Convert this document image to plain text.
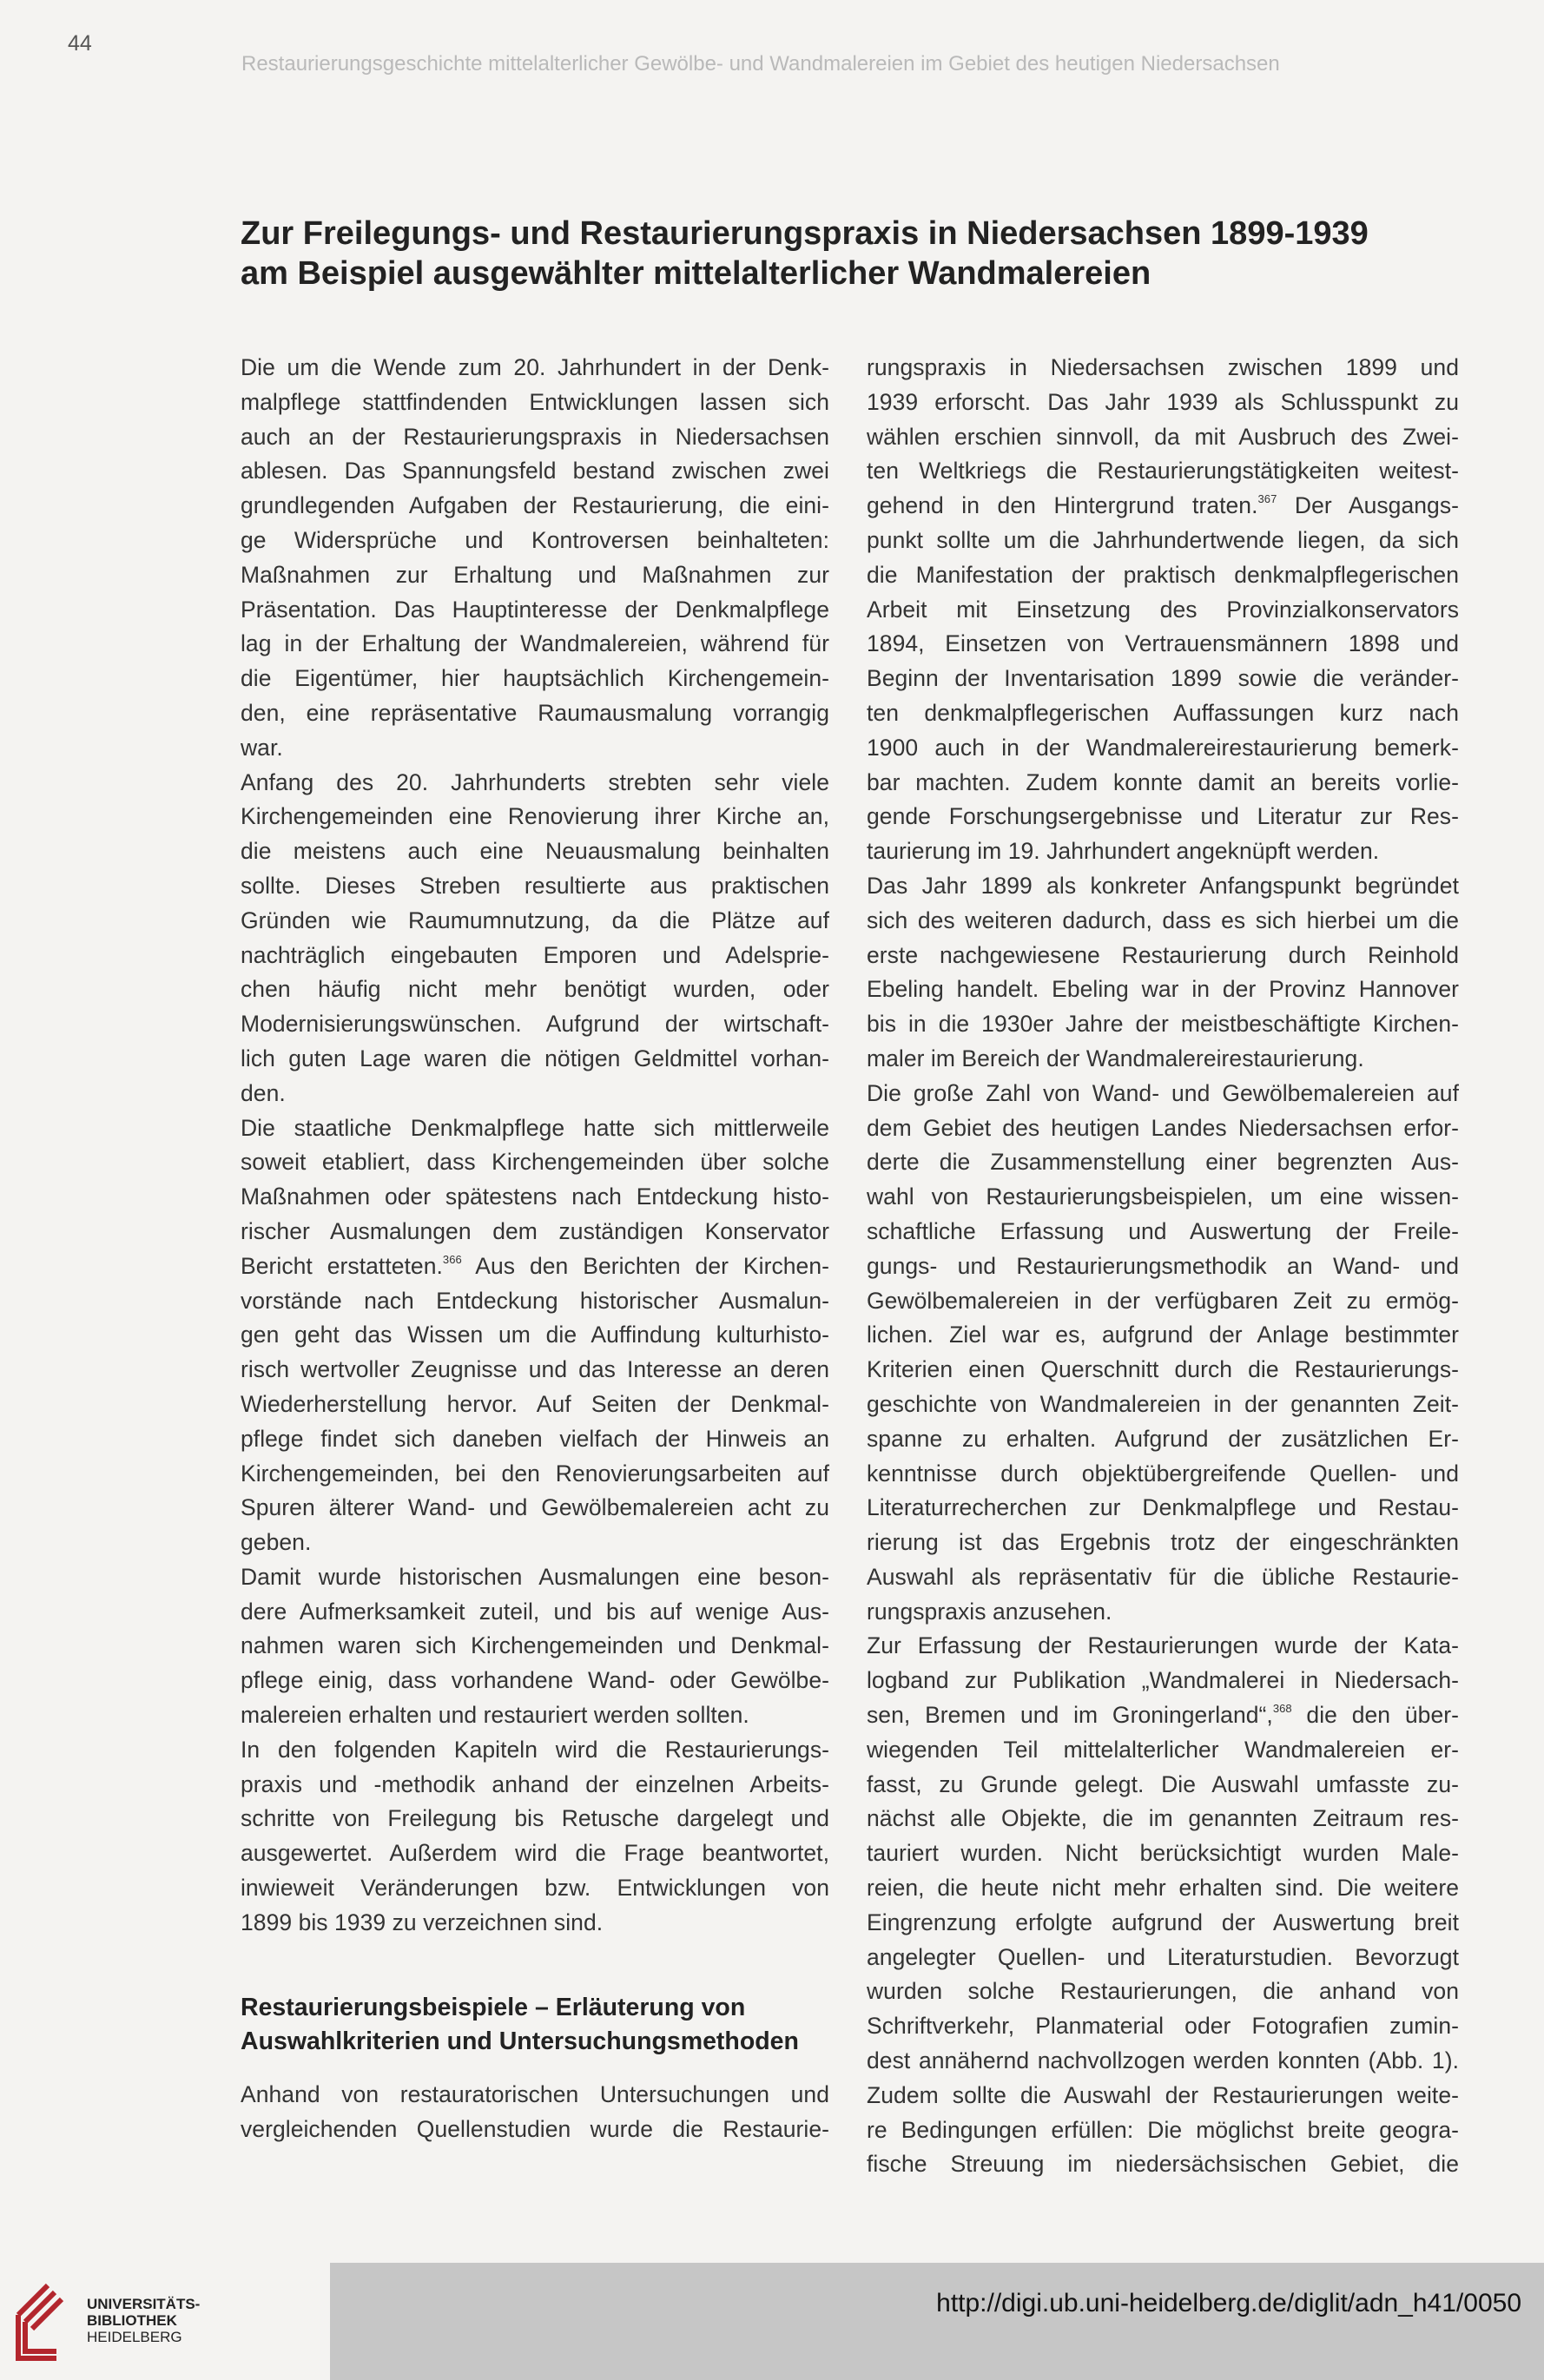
44
Restaurierungsgeschichte mittelalterlicher Gewölbe- und Wandmalereien im Gebiet des heutigen Niedersachsen
Zur Freilegungs- und Restaurierungspraxis in Niedersachsen 1899-1939
am Beispiel ausgewählter mittelalterlicher Wandmalereien
Die um die Wende zum 20. Jahrhundert in der Denk-
malpflege stattfindenden Entwicklungen lassen sich
auch an der Restaurierungspraxis in Niedersachsen
ablesen. Das Spannungsfeld bestand zwischen zwei
grundlegenden Aufgaben der Restaurierung, die eini-
ge Widersprüche und Kontroversen beinhalteten:
Maßnahmen zur Erhaltung und Maßnahmen zur
Präsentation. Das Hauptinteresse der Denkmalpflege
lag in der Erhaltung der Wandmalereien, während für
die Eigentümer, hier hauptsächlich Kirchengemein-
den, eine repräsentative Raumausmalung vorrangig
war.
Anfang des 20. Jahrhunderts strebten sehr viele
Kirchengemeinden eine Renovierung ihrer Kirche an,
die meistens auch eine Neuausmalung beinhalten
sollte. Dieses Streben resultierte aus praktischen
Gründen wie Raumumnutzung, da die Plätze auf
nachträglich eingebauten Emporen und Adelsprie-
chen häufig nicht mehr benötigt wurden, oder
Modernisierungswünschen. Aufgrund der wirtschaft-
lich guten Lage waren die nötigen Geldmittel vorhan-
den.
Die staatliche Denkmalpflege hatte sich mittlerweile
soweit etabliert, dass Kirchengemeinden über solche
Maßnahmen oder spätestens nach Entdeckung histo-
rischer Ausmalungen dem zuständigen Konservator
Bericht erstatteten.$^{366}$ Aus den Berichten der Kirchen-
vorstände nach Entdeckung historischer Ausmalun-
gen geht das Wissen um die Auffindung kulturhisto-
risch wertvoller Zeugnisse und das Interesse an deren
Wiederherstellung hervor. Auf Seiten der Denkmal-
pflege findet sich daneben vielfach der Hinweis an
Kirchengemeinden, bei den Renovierungsarbeiten auf
Spuren älterer Wand- und Gewölbemalereien acht zu
geben.
Damit wurde historischen Ausmalungen eine beson-
dere Aufmerksamkeit zuteil, und bis auf wenige Aus-
nahmen waren sich Kirchengemeinden und Denkmal-
pflege einig, dass vorhandene Wand- oder Gewölbe-
malereien erhalten und restauriert werden sollten.
In den folgenden Kapiteln wird die Restaurierungs-
praxis und -methodik anhand der einzelnen Arbeits-
schritte von Freilegung bis Retusche dargelegt und
ausgewertet. Außerdem wird die Frage beantwortet,
inwieweit Veränderungen bzw. Entwicklungen von
1899 bis 1939 zu verzeichnen sind.
Restaurierungsbeispiele – Erläuterung von
Auswahlkriterien und Untersuchungsmethoden
Anhand von restauratorischen Untersuchungen und
vergleichenden Quellenstudien wurde die Restaurie-
rungspraxis in Niedersachsen zwischen 1899 und
1939 erforscht. Das Jahr 1939 als Schlusspunkt zu
wählen erschien sinnvoll, da mit Ausbruch des Zwei-
ten Weltkriegs die Restaurierungstätigkeiten weitest-
gehend in den Hintergrund traten.$^{367}$ Der Ausgangs-
punkt sollte um die Jahrhundertwende liegen, da sich
die Manifestation der praktisch denkmalpflegerischen
Arbeit mit Einsetzung des Provinzialkonservators
1894, Einsetzen von Vertrauensmännern 1898 und
Beginn der Inventarisation 1899 sowie die veränder-
ten denkmalpflegerischen Auffassungen kurz nach
1900 auch in der Wandmalereirestaurierung bemerk-
bar machten. Zudem konnte damit an bereits vorlie-
gende Forschungsergebnisse und Literatur zur Res-
taurierung im 19. Jahrhundert angeknüpft werden.
Das Jahr 1899 als konkreter Anfangspunkt begründet
sich des weiteren dadurch, dass es sich hierbei um die
erste nachgewiesene Restaurierung durch Reinhold
Ebeling handelt. Ebeling war in der Provinz Hannover
bis in die 1930er Jahre der meistbeschäftigte Kirchen-
maler im Bereich der Wandmalereirestaurierung.
Die große Zahl von Wand- und Gewölbemalereien auf
dem Gebiet des heutigen Landes Niedersachsen erfor-
derte die Zusammenstellung einer begrenzten Aus-
wahl von Restaurierungsbeispielen, um eine wissen-
schaftliche Erfassung und Auswertung der Freile-
gungs- und Restaurierungsmethodik an Wand- und
Gewölbemalereien in der verfügbaren Zeit zu ermög-
lichen. Ziel war es, aufgrund der Anlage bestimmter
Kriterien einen Querschnitt durch die Restaurierungs-
geschichte von Wandmalereien in der genannten Zeit-
spanne zu erhalten. Aufgrund der zusätzlichen Er-
kenntnisse durch objektübergreifende Quellen- und
Literaturrecherchen zur Denkmalpflege und Restau-
rierung ist das Ergebnis trotz der eingeschränkten
Auswahl als repräsentativ für die übliche Restaurie-
rungspraxis anzusehen.
Zur Erfassung der Restaurierungen wurde der Kata-
logband zur Publikation „Wandmalerei in Niedersach-
sen, Bremen und im Groningerland“,$^{368}$ die den über-
wiegenden Teil mittelalterlicher Wandmalereien er-
fasst, zu Grunde gelegt. Die Auswahl umfasste zu-
nächst alle Objekte, die im genannten Zeitraum res-
tauriert wurden. Nicht berücksichtigt wurden Male-
reien, die heute nicht mehr erhalten sind. Die weitere
Eingrenzung erfolgte aufgrund der Auswertung breit
angelegter Quellen- und Literaturstudien. Bevorzugt
wurden solche Restaurierungen, die anhand von
Schriftverkehr, Planmaterial oder Fotografien zumin-
dest annähernd nachvollzogen werden konnten (Abb. 1).
Zudem sollte die Auswahl der Restaurierungen weite-
re Bedingungen erfüllen: Die möglichst breite geogra-
fische Streuung im niedersächsischen Gebiet, die
UNIVERSITÄTS-
BIBLIOTHEK
HEIDELBERG
http://digi.ub.uni-heidelberg.de/diglit/adn_h41/0050
